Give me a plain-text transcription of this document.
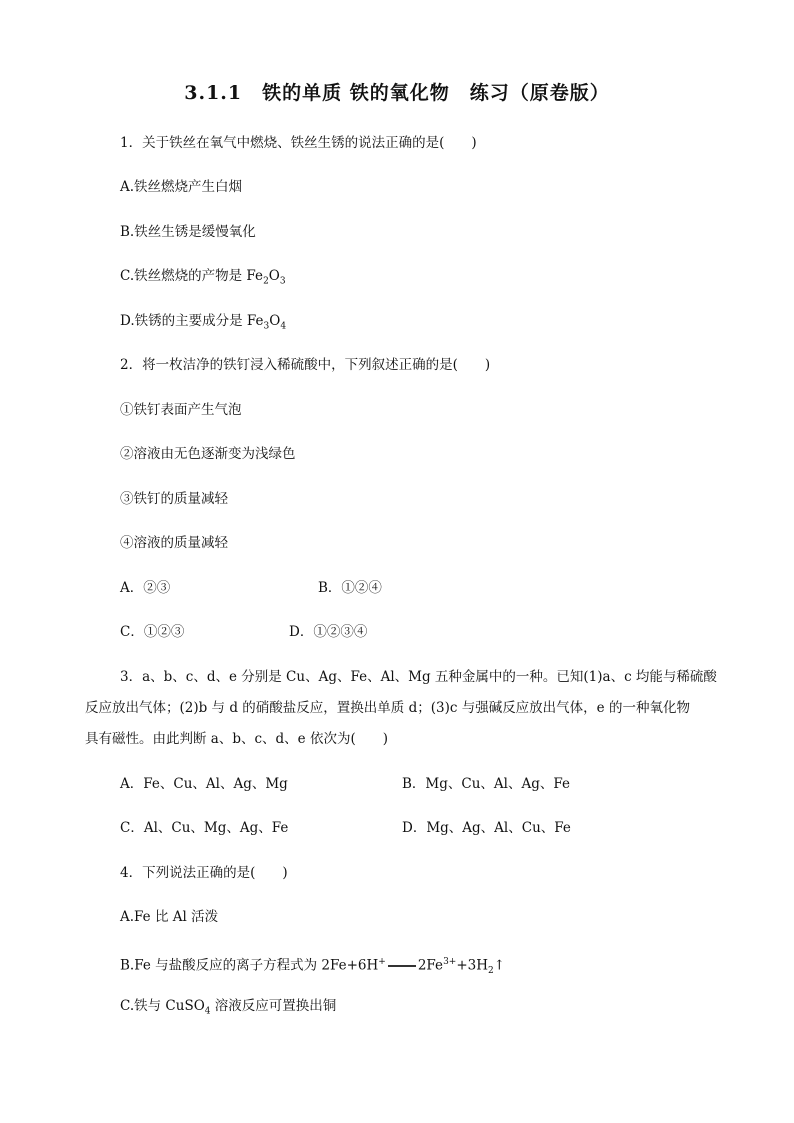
3.1.1　铁的单质 铁的氧化物　练习（原卷版）
1．关于铁丝在氧气中燃烧、铁丝生锈的说法正确的是(　　)
A.铁丝燃烧产生白烟
B.铁丝生锈是缓慢氧化
C.铁丝燃烧的产物是 $Fe_2O_3$
D.铁锈的主要成分是 $Fe_3O_4$
2．将一枚洁净的铁钉浸入稀硫酸中，下列叙述正确的是(　　)
①铁钉表面产生气泡
②溶液由无色逐渐变为浅绿色
③铁钉的质量减轻
④溶液的质量减轻
A．②③	B．①②④
C．①②③	D．①②③④
3．a、b、c、d、e 分别是 Cu、Ag、Fe、Al、Mg 五种金属中的一种。已知(1)a、c 均能与稀硫酸
反应放出气体；(2)b 与 d 的硝酸盐反应，置换出单质 d；(3)c 与强碱反应放出气体，e 的一种氧化物
具有磁性。由此判断 a、b、c、d、e 依次为(　　)
A．Fe、Cu、Al、Ag、Mg	B．Mg、Cu、Al、Ag、Fe
C．Al、Cu、Mg、Ag、Fe	D．Mg、Ag、Al、Cu、Fe
4．下列说法正确的是(　　)
A.Fe 比 Al 活泼
B.Fe 与盐酸反应的离子方程式为 2Fe+6H+ $2Fe^{3+}+3H_2↑$
C.铁与 CuSO$_4$ 溶液反应可置换出铜
